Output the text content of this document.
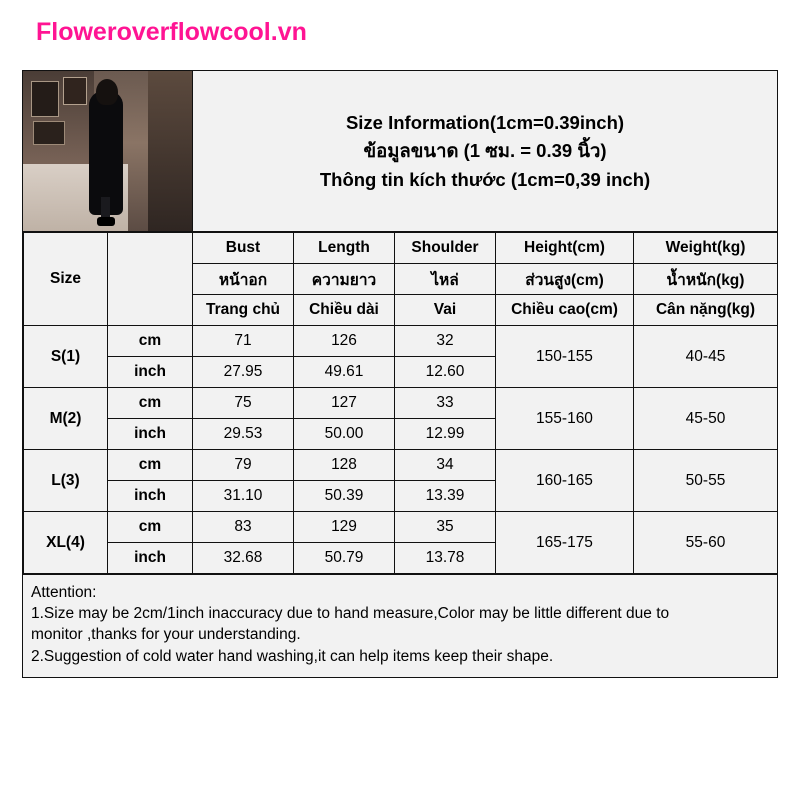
Floweroverflowcool.vn
Size Information(1cm=0.39inch)
ข้อมูลขนาด (1 ซม. = 0.39 นิ้ว)
Thông tin kích thước (1cm=0,39 inch)
Size		Bust	Length	Shoulder	Height(cm)	Weight(kg)
		หน้าอก	ความยาว	ไหล่	ส่วนสูง(cm)	น้ำหนัก(kg)
		Trang chủ	Chiều dài	Vai	Chiều cao(cm)	Cân nặng(kg)
S(1)	cm	71	126	32	150-155	40-45
	inch	27.95	49.61	12.60		
M(2)	cm	75	127	33	155-160	45-50
	inch	29.53	50.00	12.99		
L(3)	cm	79	128	34	160-165	50-55
	inch	31.10	50.39	13.39		
XL(4)	cm	83	129	35	165-175	55-60
	inch	32.68	50.79	13.78		

Attention:

1.Size may be 2cm/1inch inaccuracy due to hand measure,Color may be little different due to

monitor ,thanks for your understanding.

2.Suggestion of cold water hand washing,it can help items keep their shape.
